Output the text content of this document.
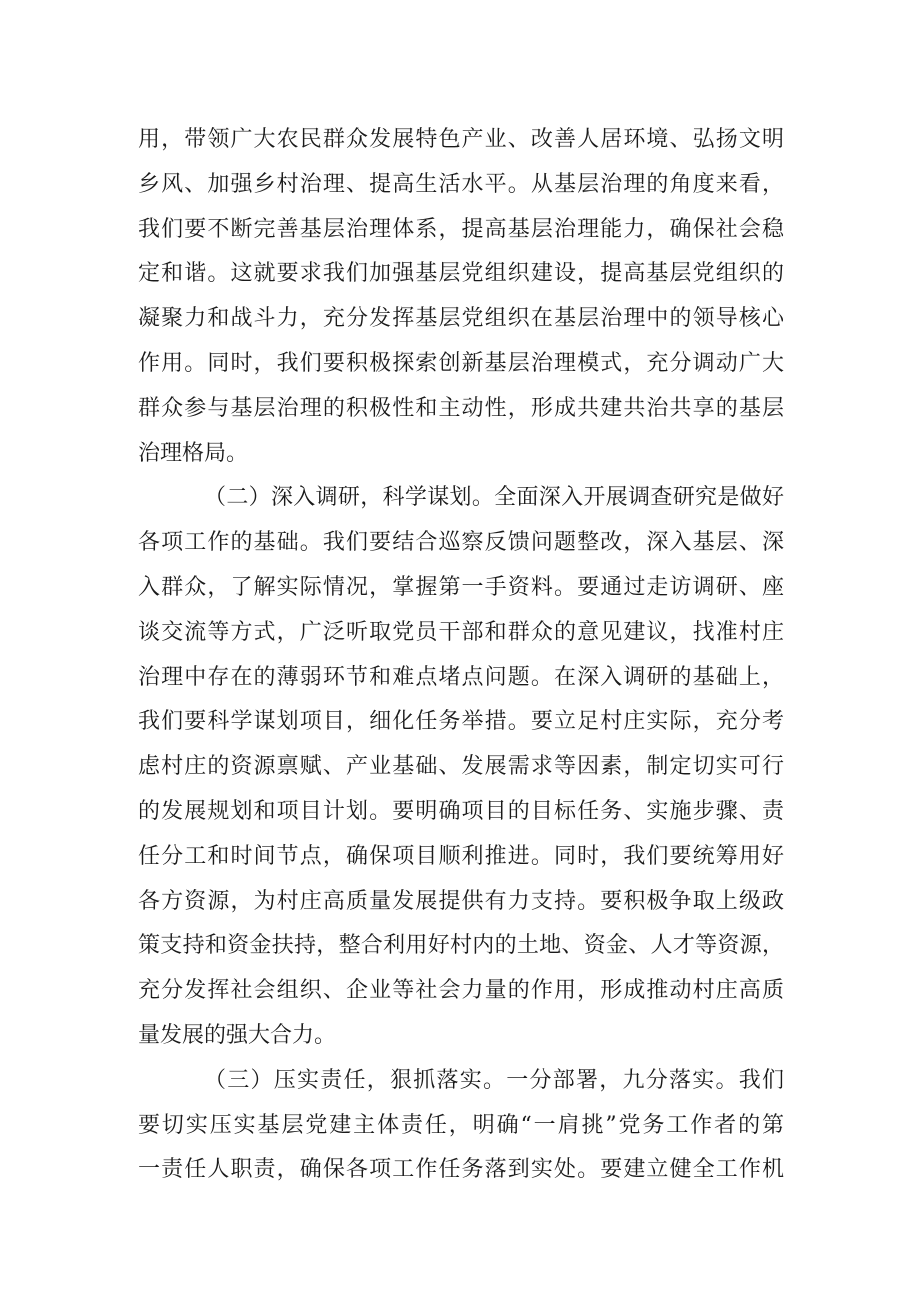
用，带领广大农民群众发展特色产业、改善人居环境、弘扬文明
乡风、加强乡村治理、提高生活水平。从基层治理的角度来看，
我们要不断完善基层治理体系，提高基层治理能力，确保社会稳
定和谐。这就要求我们加强基层党组织建设，提高基层党组织的
凝聚力和战斗力，充分发挥基层党组织在基层治理中的领导核心
作用。同时，我们要积极探索创新基层治理模式，充分调动广大
群众参与基层治理的积极性和主动性，形成共建共治共享的基层
治理格局。
（二）深入调研，科学谋划。全面深入开展调查研究是做好
各项工作的基础。我们要结合巡察反馈问题整改，深入基层、深
入群众，了解实际情况，掌握第一手资料。要通过走访调研、座
谈交流等方式，广泛听取党员干部和群众的意见建议，找准村庄
治理中存在的薄弱环节和难点堵点问题。在深入调研的基础上，
我们要科学谋划项目，细化任务举措。要立足村庄实际，充分考
虑村庄的资源禀赋、产业基础、发展需求等因素，制定切实可行
的发展规划和项目计划。要明确项目的目标任务、实施步骤、责
任分工和时间节点，确保项目顺利推进。同时，我们要统筹用好
各方资源，为村庄高质量发展提供有力支持。要积极争取上级政
策支持和资金扶持，整合利用好村内的土地、资金、人才等资源，
充分发挥社会组织、企业等社会力量的作用，形成推动村庄高质
量发展的强大合力。
（三）压实责任，狠抓落实。一分部署，九分落实。我们
要切实压实基层党建主体责任，明确“一肩挑”党务工作者的第
一责任人职责，确保各项工作任务落到实处。要建立健全工作机
